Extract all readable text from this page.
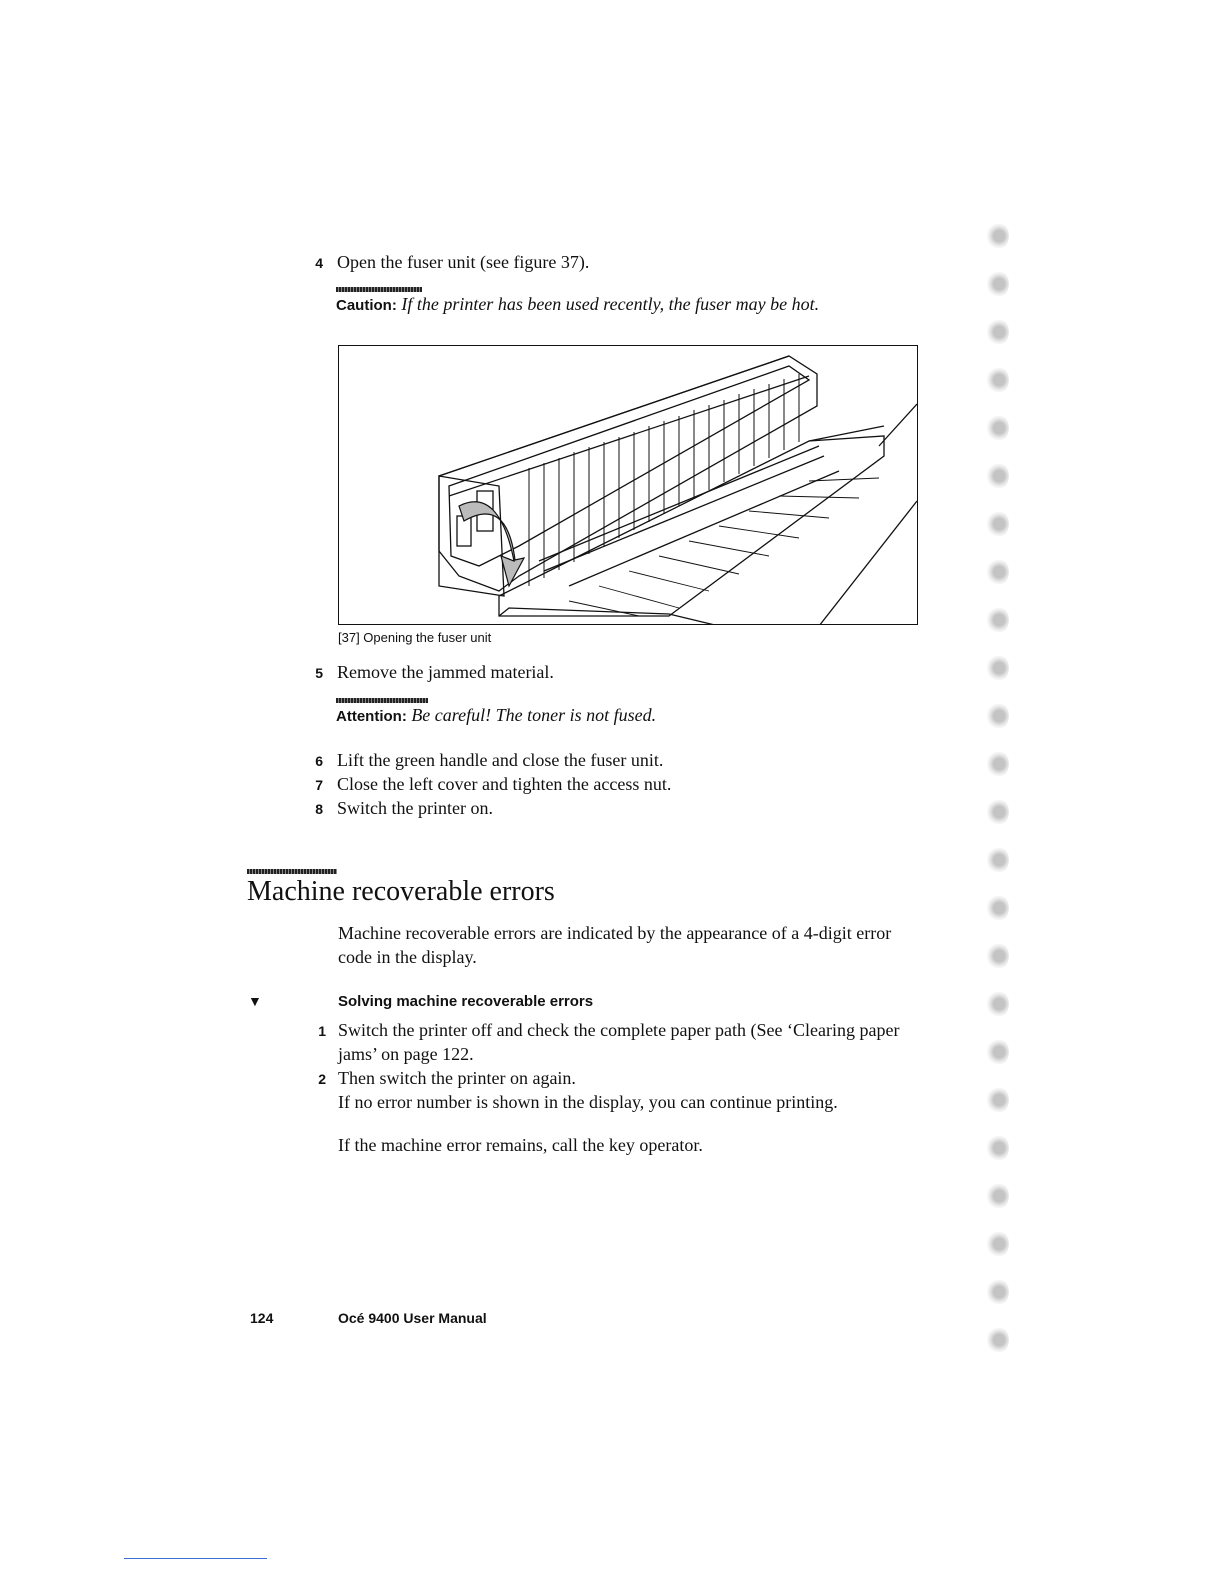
4 Open the fuser unit (see figure 37).
Caution: If the printer has been used recently, the fuser may be hot.
[37] Opening the fuser unit
5 Remove the jammed material.
Attention: Be careful! The toner is not fused.
6 Lift the green handle and close the fuser unit.
7 Close the left cover and tighten the access nut.
8 Switch the printer on.
Machine recoverable errors
Machine recoverable errors are indicated by the appearance of a 4-digit error
code in the display.
▼	Solving machine recoverable errors
1 Switch the printer off and check the complete paper path (See ‘Clearing paper
jams’ on page 122.
2 Then switch the printer on again.
If no error number is shown in the display, you can continue printing.
If the machine error remains, call the key operator.
124	Océ 9400 User Manual
